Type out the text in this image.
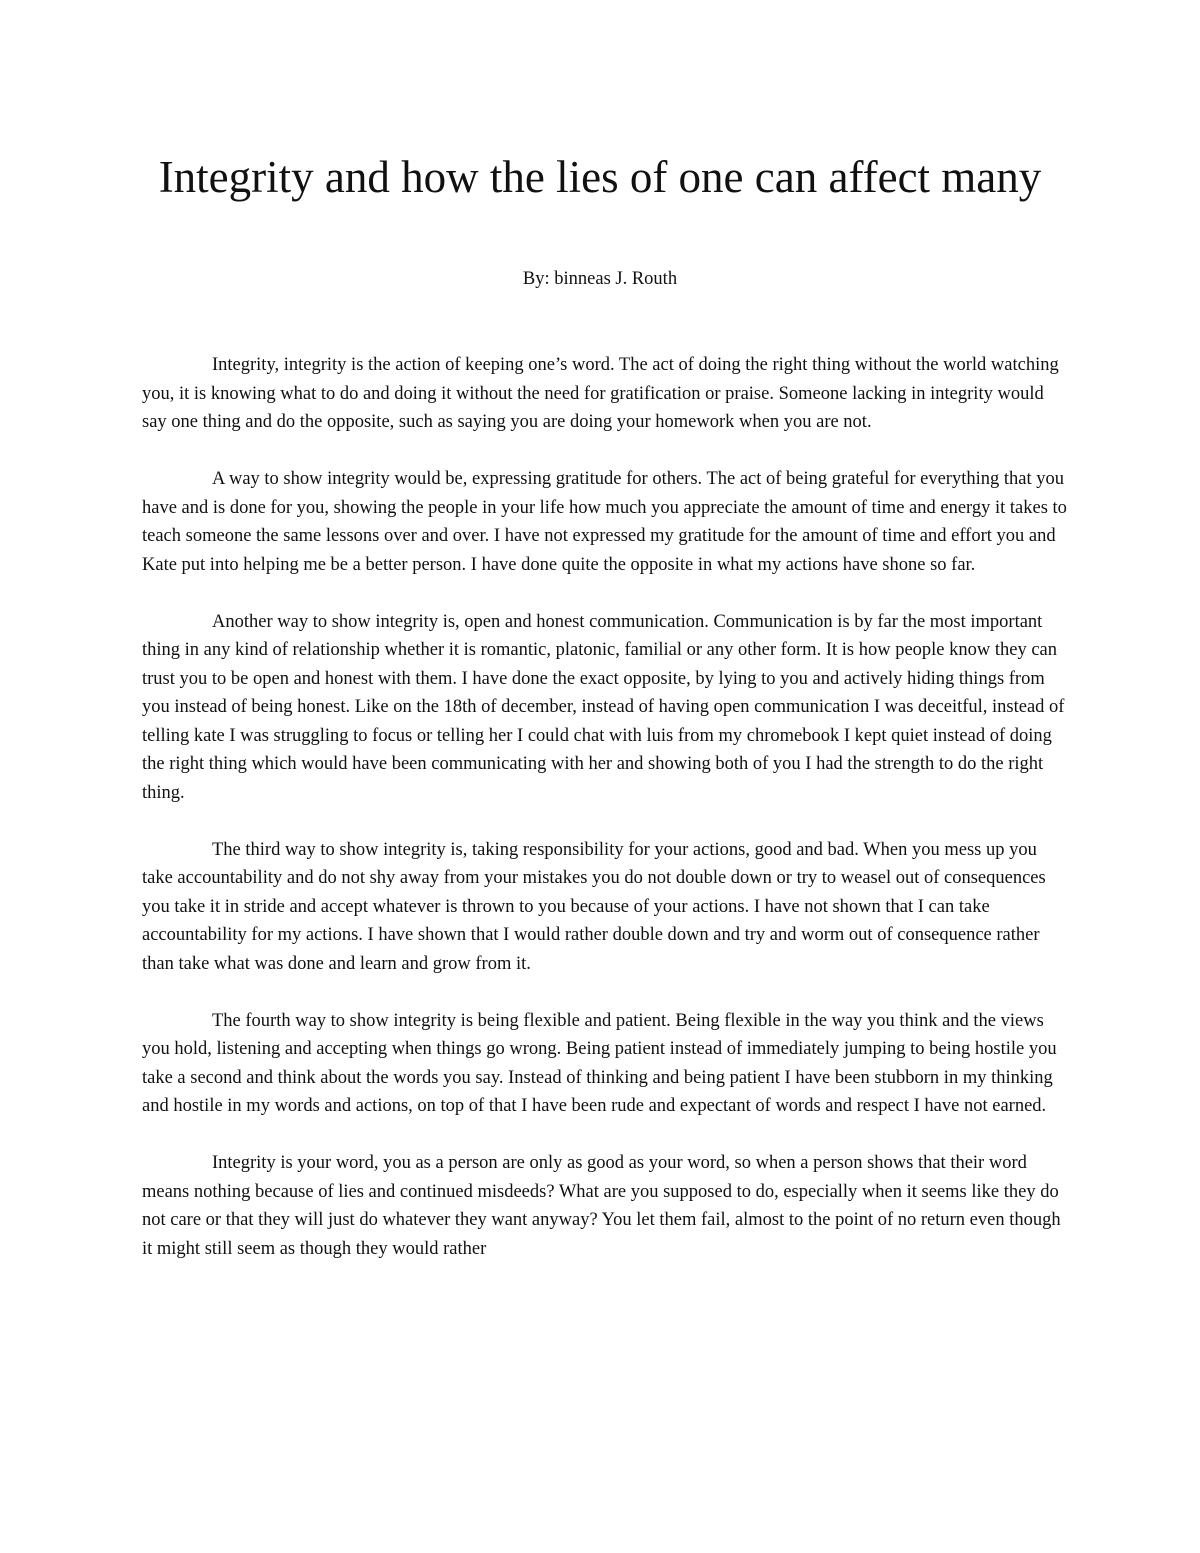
Integrity and how the lies of one can affect many

By: binneas J. Routh

Integrity, integrity is the action of keeping one’s word. The act of doing the right thing without the world watching you, it is knowing what to do and doing it without the need for gratification or praise. Someone lacking in integrity would say one thing and do the opposite, such as saying you are doing your homework when you are not.

A way to show integrity would be, expressing gratitude for others. The act of being grateful for everything that you have and is done for you, showing the people in your life how much you appreciate the amount of time and energy it takes to teach someone the same lessons over and over. I have not expressed my gratitude for the amount of time and effort you and Kate put into helping me be a better person. I have done quite the opposite in what my actions have shone so far.

Another way to show integrity is, open and honest communication. Communication is by far the most important thing in any kind of relationship whether it is romantic, platonic, familial or any other form. It is how people know they can trust you to be open and honest with them. I have done the exact opposite, by lying to you and actively hiding things from you instead of being honest. Like on the 18th of december, instead of having open communication I was deceitful, instead of telling kate I was struggling to focus or telling her I could chat with luis from my chromebook I kept quiet instead of doing the right thing which would have been communicating with her and showing both of you I had the strength to do the right thing.

The third way to show integrity is, taking responsibility for your actions, good and bad. When you mess up you take accountability and do not shy away from your mistakes you do not double down or try to weasel out of consequences you take it in stride and accept whatever is thrown to you because of your actions. I have not shown that I can take accountability for my actions. I have shown that I would rather double down and try and worm out of consequence rather than take what was done and learn and grow from it.

The fourth way to show integrity is being flexible and patient. Being flexible in the way you think and the views you hold, listening and accepting when things go wrong. Being patient instead of immediately jumping to being hostile you take a second and think about the words you say. Instead of thinking and being patient I have been stubborn in my thinking and hostile in my words and actions, on top of that I have been rude and expectant of words and respect I have not earned.

Integrity is your word, you as a person are only as good as your word, so when a person shows that their word means nothing because of lies and continued misdeeds? What are you supposed to do, especially when it seems like they do not care or that they will just do whatever they want anyway? You let them fail, almost to the point of no return even though it might still seem as though they would rather
